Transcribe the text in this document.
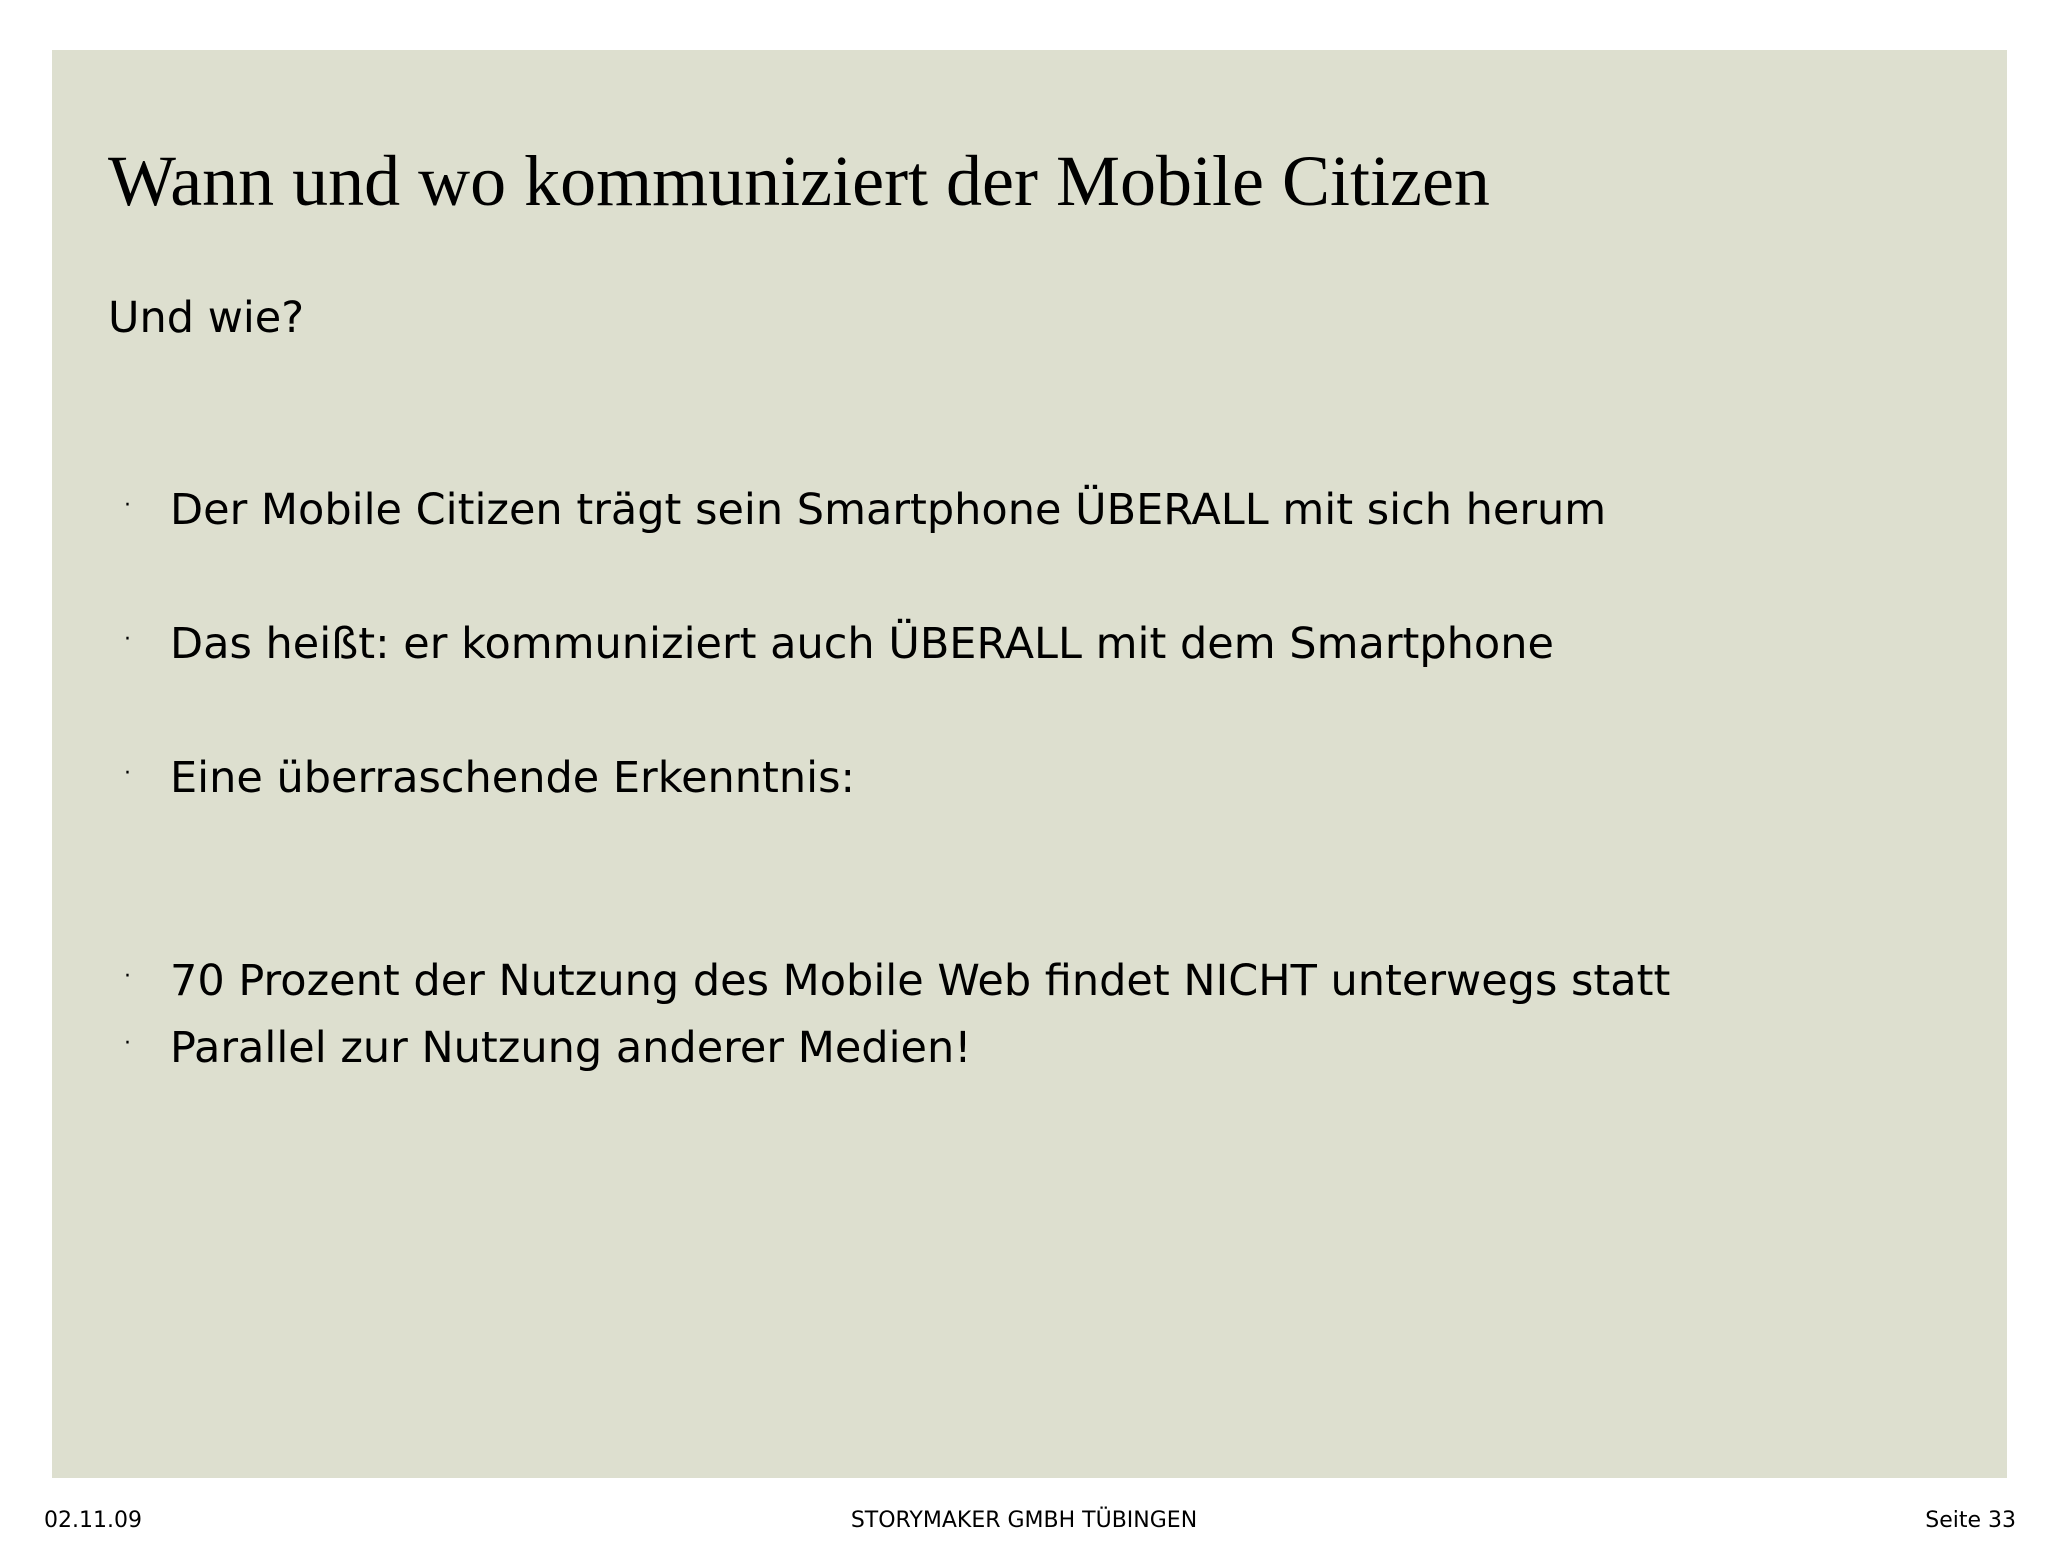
Wann und wo kommuniziert der Mobile Citizen

Und wie?

· Der Mobile Citizen trägt sein Smartphone ÜBERALL mit sich herum
· Das heißt: er kommuniziert auch ÜBERALL mit dem Smartphone
· Eine überraschende Erkenntnis:
· 70 Prozent der Nutzung des Mobile Web findet NICHT unterwegs statt
· Parallel zur Nutzung anderer Medien!
02.11.09	STORYMAKER GMBH TÜBINGEN	Seite 33
